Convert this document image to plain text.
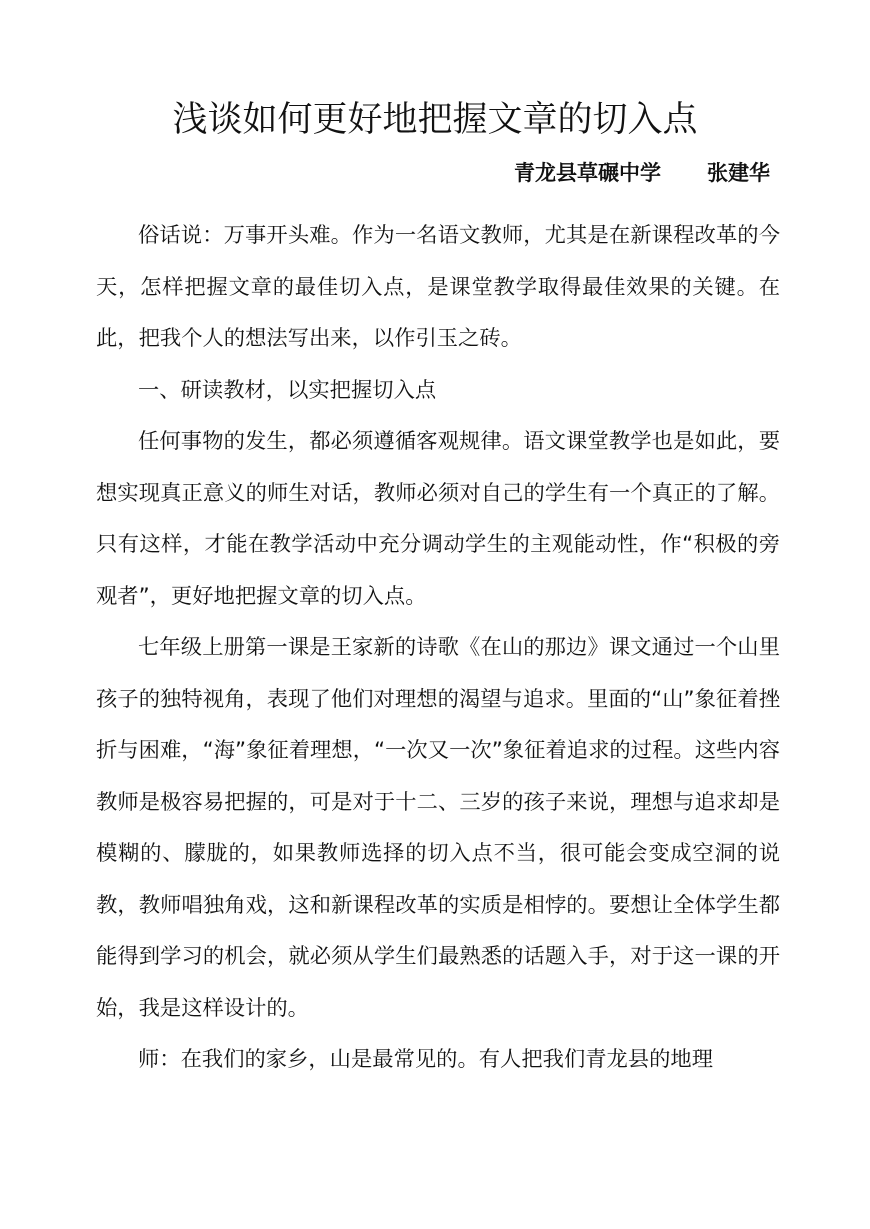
浅谈如何更好地把握文章的切入点
青龙县草碾中学 张建华

俗话说：万事开头难。作为一名语文教师，尤其是在新课程改革的今天，怎样把握文章的最佳切入点，是课堂教学取得最佳效果的关键。在此，把我个人的想法写出来，以作引玉之砖。

一、研读教材，以实把握切入点

任何事物的发生，都必须遵循客观规律。语文课堂教学也是如此，要想实现真正意义的师生对话，教师必须对自己的学生有一个真正的了解。只有这样，才能在教学活动中充分调动学生的主观能动性，作“积极的旁观者”，更好地把握文章的切入点。

七年级上册第一课是王家新的诗歌《在山的那边》课文通过一个山里孩子的独特视角，表现了他们对理想的渴望与追求。里面的“山”象征着挫折与困难，“海”象征着理想，“一次又一次”象征着追求的过程。这些内容教师是极容易把握的，可是对于十二、三岁的孩子来说，理想与追求却是模糊的、朦胧的，如果教师选择的切入点不当，很可能会变成空洞的说教，教师唱独角戏，这和新课程改革的实质是相悖的。要想让全体学生都能得到学习的机会，就必须从学生们最熟悉的话题入手，对于这一课的开始，我是这样设计的。

师：在我们的家乡，山是最常见的。有人把我们青龙县的地理
